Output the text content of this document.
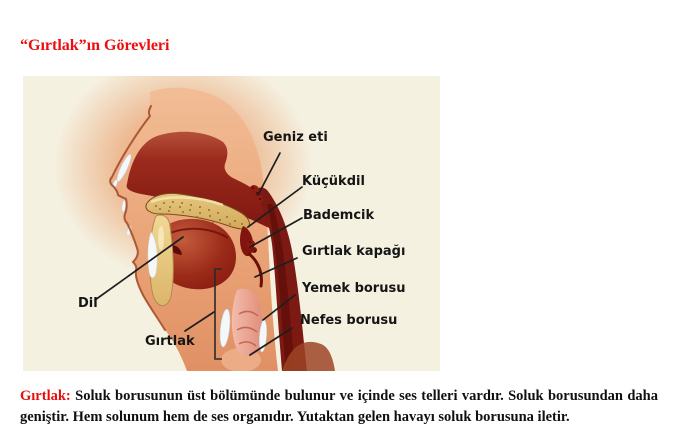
“Gırtlak”ın Görevleri
Geniz eti
Küçükdil
Bademcik
Gırtlak kapağı
Yemek borusu
Nefes borusu
Dil
Gırtlak

Gırtlak: Soluk borusunun üst bölümünde bulunur ve içinde ses telleri vardır. Soluk borusundan daha geniştir. Hem solunum hem de ses organıdır. Yutaktan gelen havayı soluk borusuna iletir.
